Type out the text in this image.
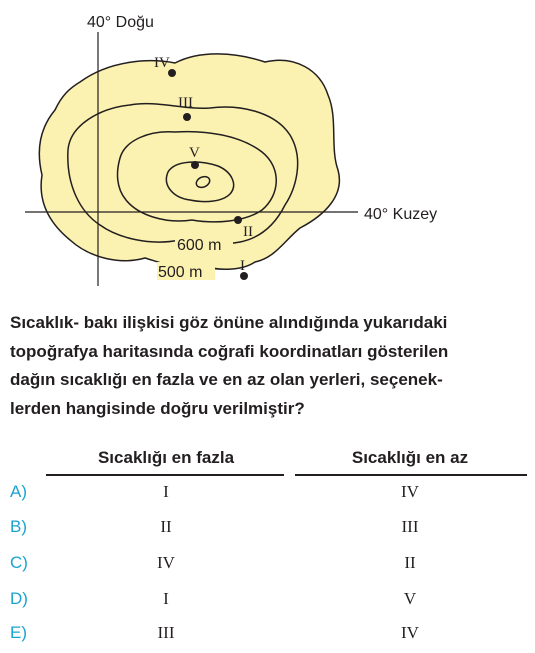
40° Doğu
40° Kuzey
600 m
500 m
IV
III
V
II
I
Sıcaklık- bakı ilişkisi göz önüne alındığında yukarıdaki
topoğrafya haritasında coğrafi koordinatları gösterilen
dağın sıcaklığı en fazla ve en az olan yerleri, seçenek-
lerden hangisinde doğru verilmiştir?
Sıcaklığı en fazla	Sıcaklığı en az
A)	I	IV
B)	II	III
C)	IV	II
D)	I	V
E)	III	IV
